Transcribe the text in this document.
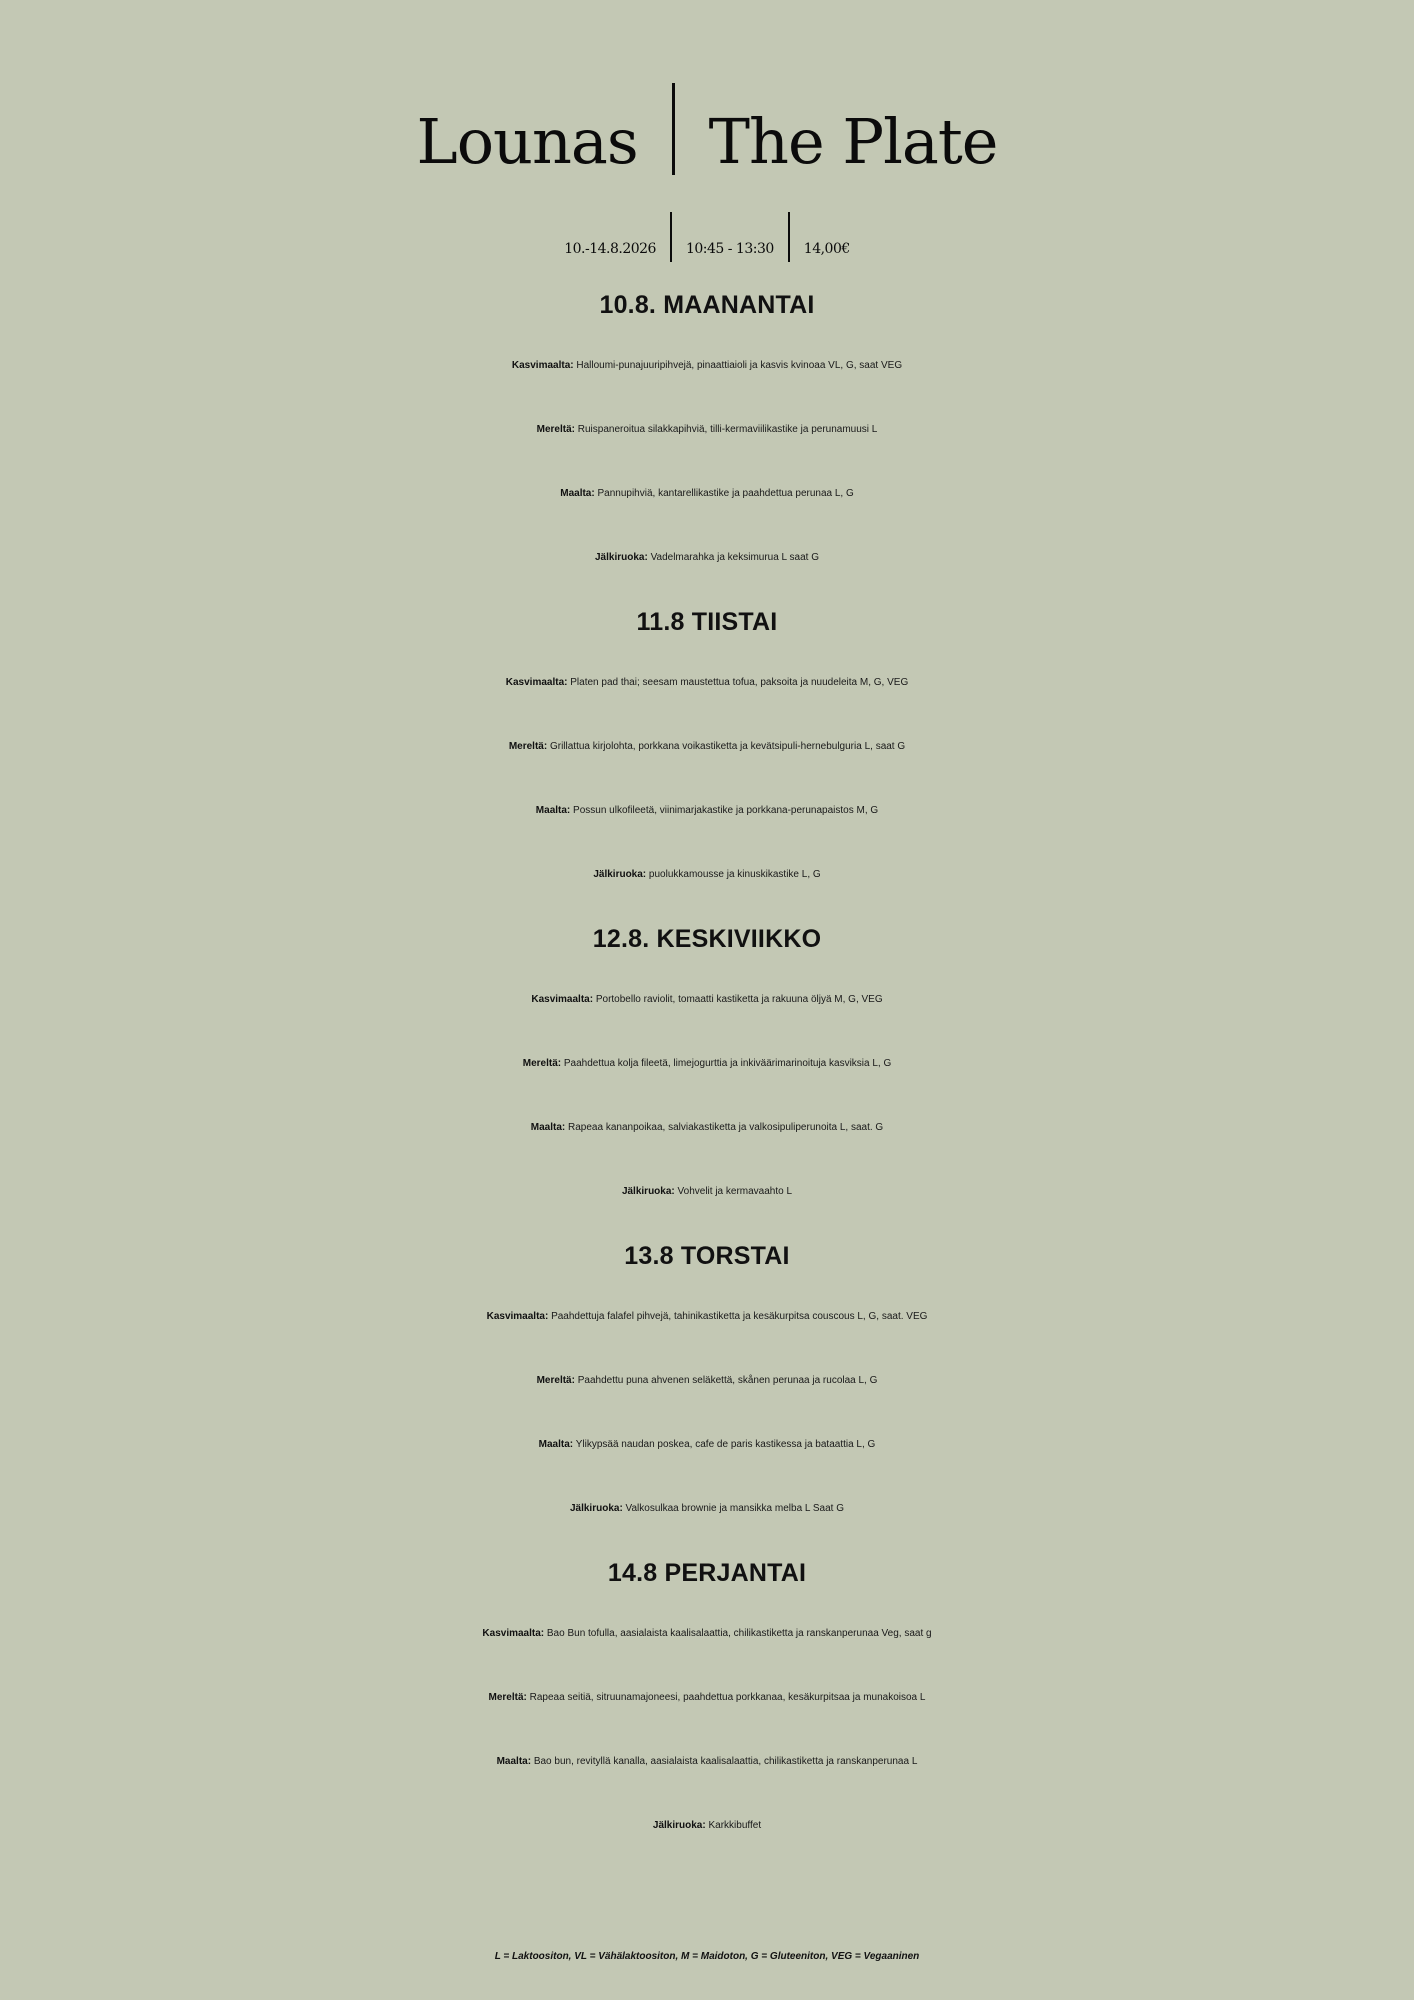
Lounas The Plate
10.-14.8.2026 10:45 - 13:30 14,00€
10.8. MAANANTAI
Kasvimaalta: Halloumi-punajuuripihvejä, pinaattiaioli ja kasvis kvinoaa VL, G, saat VEG
Mereltä: Ruispaneroitua silakkapihviä, tilli-kermaviilikastike ja perunamuusi L
Maalta: Pannupihviä, kantarellikastike ja paahdettua perunaa L, G
Jälkiruoka: Vadelmarahka ja keksimurua L saat G
11.8 TIISTAI
Kasvimaalta: Platen pad thai; seesam maustettua tofua, paksoita ja nuudeleita M, G, VEG
Mereltä: Grillattua kirjolohta, porkkana voikastiketta ja kevätsipuli-hernebulguria L, saat G
Maalta: Possun ulkofileetä, viinimarjakastike ja porkkana-perunapaistos M, G
Jälkiruoka: puolukkamousse ja kinuskikastike L, G
12.8. KESKIVIIKKO
Kasvimaalta: Portobello raviolit, tomaatti kastiketta ja rakuuna öljyä M, G, VEG
Mereltä: Paahdettua kolja fileetä, limejogurttia ja inkiväärimarinoituja kasviksia L, G
Maalta: Rapeaa kananpoikaa, salviakastiketta ja valkosipuliperunoita L, saat. G
Jälkiruoka: Vohvelit ja kermavaahto L
13.8 TORSTAI
Kasvimaalta: Paahdettuja falafel pihvejä, tahinikastiketta ja kesäkurpitsa couscous L, G, saat. VEG
Mereltä: Paahdettu puna ahvenen seläkettä, skånen perunaa ja rucolaa L, G
Maalta: Ylikypsää naudan poskea, cafe de paris kastikessa ja bataattia L, G
Jälkiruoka: Valkosulkaa brownie ja mansikka melba L Saat G
14.8 PERJANTAI
Kasvimaalta: Bao Bun tofulla, aasialaista kaalisalaattia, chilikastiketta ja ranskanperunaa Veg, saat g
Mereltä: Rapeaa seitiä, sitruunamajoneesi, paahdettua porkkanaa, kesäkurpitsaa ja munakoisoa L
Maalta: Bao bun, revityllä kanalla, aasialaista kaalisalaattia, chilikastiketta ja ranskanperunaa L
Jälkiruoka: Karkkibuffet
L = Laktoositon, VL = Vähälaktoositon, M = Maidoton, G = Gluteeniton, VEG = Vegaaninen
